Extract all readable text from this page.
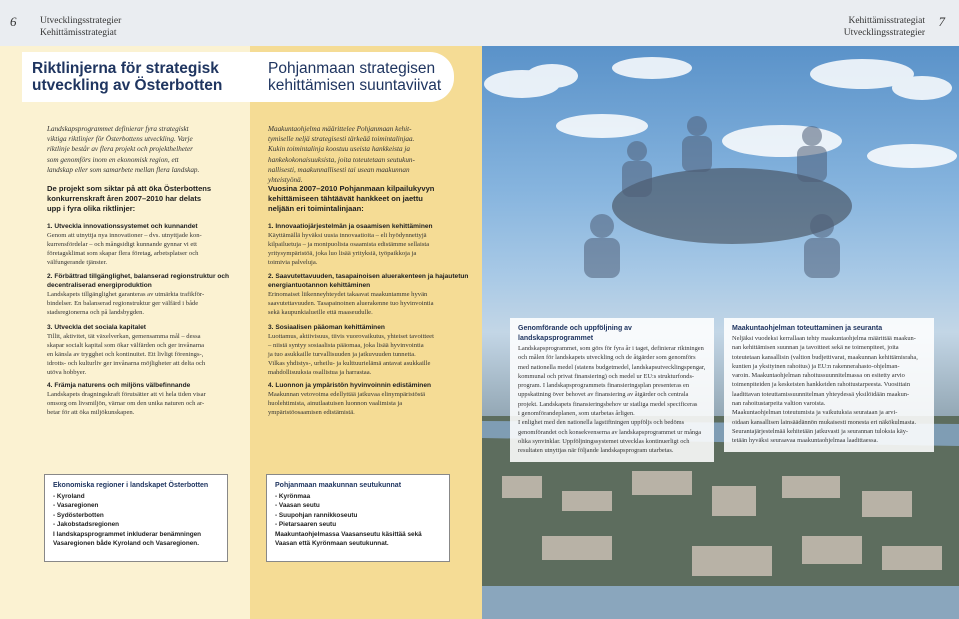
6 Utvecklingsstrategier
Kehittämisstrategiat
Kehittämisstrategiat
Utvecklingsstrategier
7
Riktlinjerna för strategisk
utveckling av Österbotten
Pohjanmaan strategisen
kehittämisen suuntaviivat
Landskapsprogrammet definierar fyra strategiskt
viktiga riktlinjer för Österbottens utveckling. Varje
riktlinje består av flera projekt och projekthelheter
som genomförs inom en ekonomisk region, ett
landskap eller som samarbete mellan flera landskap.
Maakuntaohjelma määrittelee Pohjanmaan kehit-
tymiselle neljä strategisesti tärkeää toimintalinjaa.
Kukin toimintalinja koostuu useista hankkeista ja
hankekokonaisuuksista, joita toteutetaan seutukun-
nallisesti, maakunnallisesti tai usean maakunnan
yhteistyönä.
De projekt som siktar på att öka Österbottens
konkurrenskraft åren 2007–2010 har delats
upp i fyra olika riktlinjer:
Vuosina 2007–2010 Pohjanmaan kilpailukyvyn
kehittämiseen tähtäävät hankkeet on jaettu
neljään eri toimintalinjaan:
1. Utveckla innovationssystemet och kunnandet
Genom att utnyttja nya innovationer – dvs. utnyttjade kon-
kurrensfördelar – och mångsidigt kunnande gynnar vi ett
företagsklimat som skapar flera företag, arbetsplatser och
välfungerande tjänster.
2. Förbättrad tillgänglighet, balanserad regionstruktur och
decentraliserad energiproduktion
Landskapets tillgänglighet garanteras av utmärkta trafikför-
bindelser. En balanserad regionstruktur ger välfärd i både
stadsregionerna och på landsbygden.
3. Utveckla det sociala kapitalet
Tillit, aktivitet, tät växelverkan, gemensamma mål – dessa
skapar socialt kapital som ökar välfärden och ger invånarna
en känsla av trygghet och kontinuitet. Ett livligt förenings-,
idrotts- och kulturliv ger invånarna möjligheter att delta och
utöva hobbyer.
4. Främja naturens och miljöns välbefinnande
Landskapets dragningskraft förutsätter att vi hela tiden visar
omsorg om livsmiljön, värnar om den unika naturen och ar-
betar för att öka miljökunskapen.
1. Innovaatiojärjestelmän ja osaamisen kehittäminen
Käyttämällä hyväksi uusia innovaatioita – eli hyödynnettyjä
kilpailuetuja – ja monipuolista osaamista edistämme sellaista
yritysympäristöä, joka luo lisää yrityksiä, työpaikkoja ja
toimivia palveluja.
2. Saavutettavuuden, tasapainoisen aluerakenteen ja hajautetun
energiantuotannon kehittäminen
Erinomaiset liikenneyhteydet takaavat maakuntamme hyvän
saavutettavuuden. Tasapainoinen aluerakenne tuo hyvinvointia
sekä kaupunkialueille että maaseudulle.
3. Sosiaalisen pääoman kehittäminen
Luottamus, aktiivisuus, tiivis vuorovaikutus, yhteiset tavoitteet
– niistä syntyy sosiaalista pääomaa, joka lisää hyvinvointia
ja tuo asukkaille turvallisuuden ja jatkuvuuden tunnetta.
Vilkas yhdistys-, urheilu- ja kulttuurielämä antavat asukkaille
mahdollisuuksia osallistua ja harrastaa.
4. Luonnon ja ympäristön hyvinvoinnin edistäminen
Maakunnan vetovoima edellyttää jatkuvaa elinympäristöstä
huolehtimista, ainutlaatuisen luonnon vaalimista ja
ympäristöosaamisen edistämistä.
Ekonomiska regioner i landskapet Österbotten
- Kyroland
- Vasaregionen
- Sydösterbotten
- Jakobstadsregionen
I landskapsprogrammet inkluderar benämningen
Vasaregionen både Kyroland och Vasaregionen.
Pohjanmaan maakunnan seutukunnat
- Kyrönmaa
- Vaasan seutu
- Suupohjan rannikkoseutu
- Pietarsaaren seutu
Maakuntaohjelmassa Vaasanseutu käsittää sekä
Vaasan että Kyrönmaan seutukunnat.
Genomförande och uppföljning av landskapsprogrammet
Landskapsprogrammet, som görs för fyra år i taget, definierar riktningen
och målen för landskapets utveckling och de åtgärder som genomförs
med nationella medel (statens budgetmedel, landskapsutvecklingspengar,
kommunal och privat finansiering) och medel ur EU:s strukturfonds-
program. I landskapsprogrammets finansieringsplan presenteras en
uppskattning över behovet av finansiering av åtgärder och centrala
projekt. Landskapets finansieringsbehov ur statliga medel specificeras
i genomförandeplanen, som utarbetas årligen.
I enlighet med den nationella lagstiftningen uppföljs och bedöms
genomförandet och konsekvenserna av landskapsprogrammet ur många
olika synvinklar. Uppföljningssystemet utvecklas kontinuerligt och
resultaten utnyttjas när följande landskapsprogram utarbetas.
Maakuntaohjelman toteuttaminen ja seuranta
Neljäksi vuodeksi kerrallaan tehty maakuntaohjelma määrittää maakun-
nan kehittämisen suunnan ja tavoitteet sekä ne toimenpiteet, joita
toteutetaan kansallisin (valtion budjettivarat, maakunnan kehittämisraha,
kuntien ja yksityinen rahoitus) ja EU:n rakennerahasto-ohjelman-
varoin. Maakuntaohjelman rahoitussuunnitelmassa on esitetty arvio
toimenpiteiden ja keskeisten hankkeiden rahoitustarpeesta. Vuosittain
laadittavan toteuttamissuunnitelman yhteydessä yksilöidään maakun-
nan rahoitustarpeita valtion varoista.
Maakuntaohjelman toteutumista ja vaikutuksia seurataan ja arvi-
oidaan kansallisen lainsäädännön mukaisesti monesta eri näkökulmasta.
Seurantajärjestelmää kehitetään jatkuvasti ja seurannan tuloksia käy-
tetään hyväksi seuraavaa maakuntaohjelmaa laadittaessa.
